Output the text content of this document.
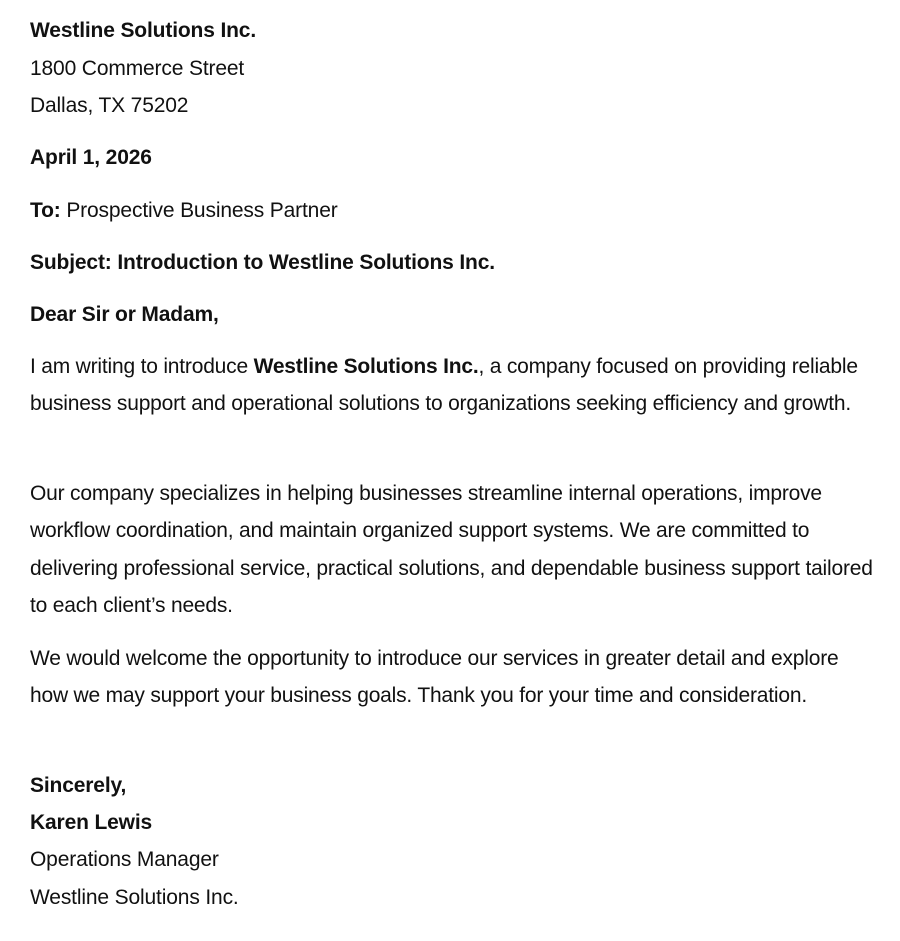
Westline Solutions Inc.
1800 Commerce Street
Dallas, TX 75202
April 1, 2026
To: Prospective Business Partner
Subject: Introduction to Westline Solutions Inc.
Dear Sir or Madam,
I am writing to introduce Westline Solutions Inc., a company focused on providing reliable business support and operational solutions to organizations seeking efficiency and growth.
Our company specializes in helping businesses streamline internal operations, improve workflow coordination, and maintain organized support systems. We are committed to delivering professional service, practical solutions, and dependable business support tailored to each client’s needs.
We would welcome the opportunity to introduce our services in greater detail and explore how we may support your business goals. Thank you for your time and consideration.
Sincerely,
Karen Lewis
Operations Manager
Westline Solutions Inc.
